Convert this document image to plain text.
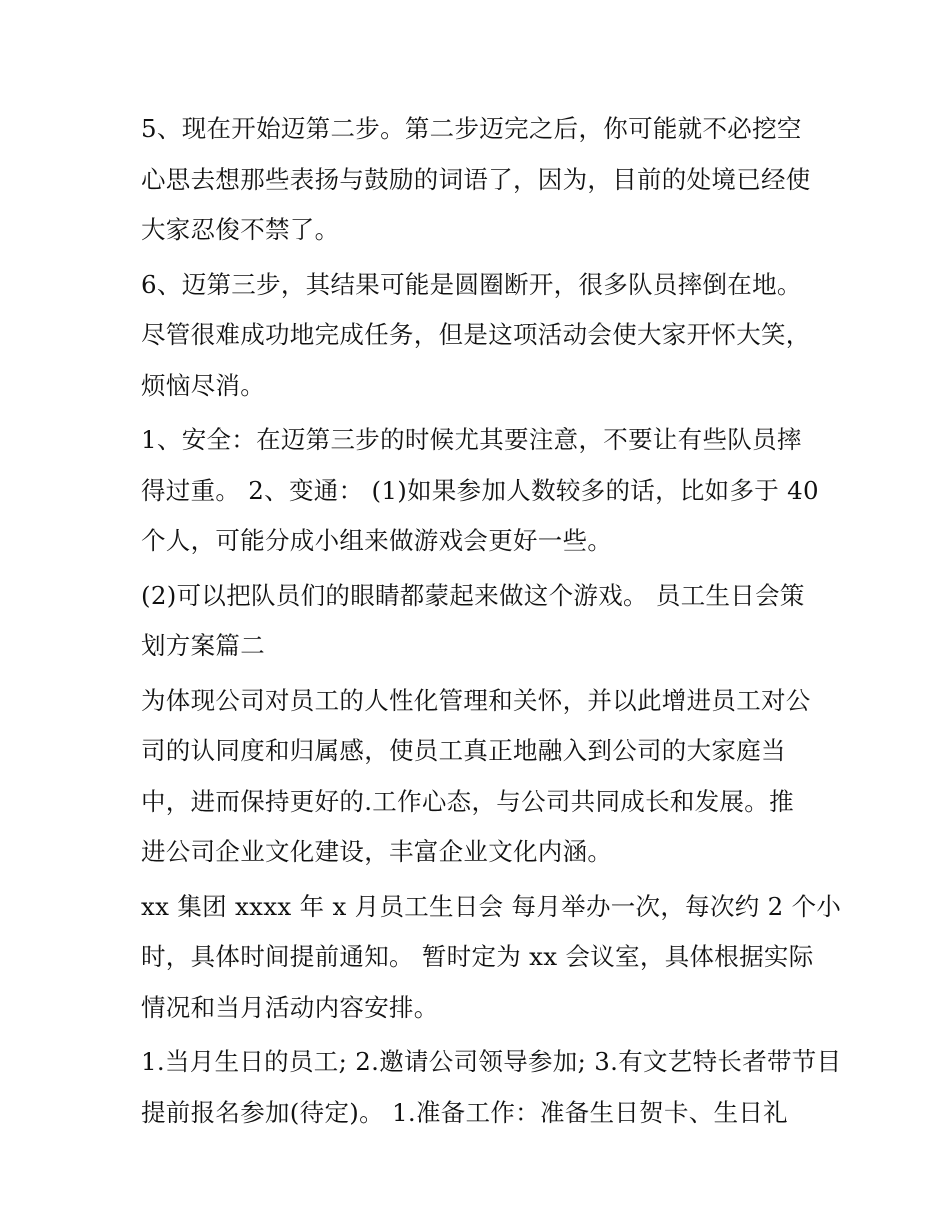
5、现在开始迈第二步。第二步迈完之后，你可能就不必挖空
心思去想那些表扬与鼓励的词语了，因为，目前的处境已经使
大家忍俊不禁了。

6、迈第三步，其结果可能是圆圈断开，很多队员摔倒在地。
尽管很难成功地完成任务，但是这项活动会使大家开怀大笑，
烦恼尽消。

1、安全：在迈第三步的时候尤其要注意，不要让有些队员摔
得过重。 2、变通： (1)如果参加人数较多的话，比如多于 40
个人，可能分成小组来做游戏会更好一些。

(2)可以把队员们的眼睛都蒙起来做这个游戏。 员工生日会策
划方案篇二

为体现公司对员工的人性化管理和关怀，并以此增进员工对公
司的认同度和归属感，使员工真正地融入到公司的大家庭当
中，进而保持更好的.工作心态，与公司共同成长和发展。推
进公司企业文化建设，丰富企业文化内涵。

xx 集团 xxxx 年 x 月员工生日会 每月举办一次，每次约 2 个小
时，具体时间提前通知。 暂时定为 xx 会议室，具体根据实际
情况和当月活动内容安排。

1.当月生日的员工; 2.邀请公司领导参加; 3.有文艺特长者带节目
提前报名参加(待定)。 1.准备工作：准备生日贺卡、生日礼
